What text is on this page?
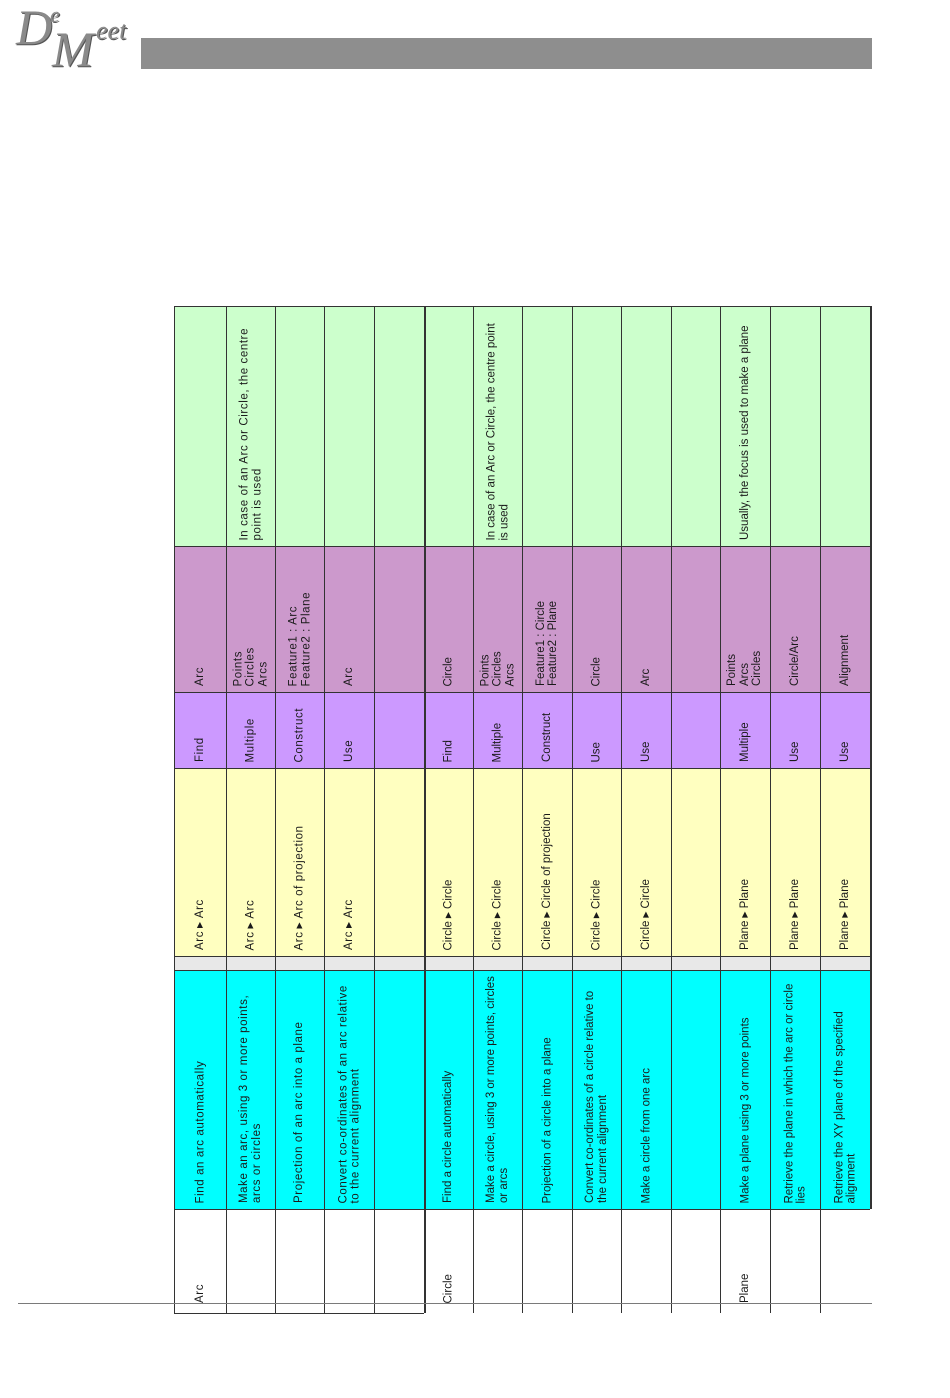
D
e
M eet
Arc
Find an arc automatically
Find
Arc
Arc
▶
Arc
Make an arc, using 3 or more points, arcs or circles
Multiple
Points
Circles
Arcs
In case of an Arc or Circle, the centre point is used
Arc
▶
Arc
Projection of an arc into a plane
Construct
Feature1 : Arc
Feature2 : Plane
Arc
▶
Arc of projection
Convert co-ordinates of an arc relative to the current alignment
Use
Arc
Arc
▶
Arc
Circle
Find a circle automatically
Find
Circle
Circle
▶
Circle
Make a circle, using 3 or more points, circles or arcs
Multiple
Points
Circles
Arcs
In case of an Arc or Circle, the centre point is used
Circle
▶
Circle
Projection of a circle into a plane
Construct
Feature1 : Circle
Feature2 : Plane
Circle
▶
Circle of projection
Convert co-ordinates of a circle relative to the current alignment
Use
Circle
Circle
▶
Circle
Make a circle from one arc
Use
Arc
Circle
▶
Circle
Plane
Make a plane using 3 or more points
Multiple
Points
Arcs
Circles
Usually, the focus is used to make a plane
Plane
▶
Plane
Retrieve the plane in which the arc or circle lies
Use
Circle/Arc
Plane
▶
Plane
Retrieve the XY plane of the specified alignment
Use
Alignment
Plane
▶
Plane
